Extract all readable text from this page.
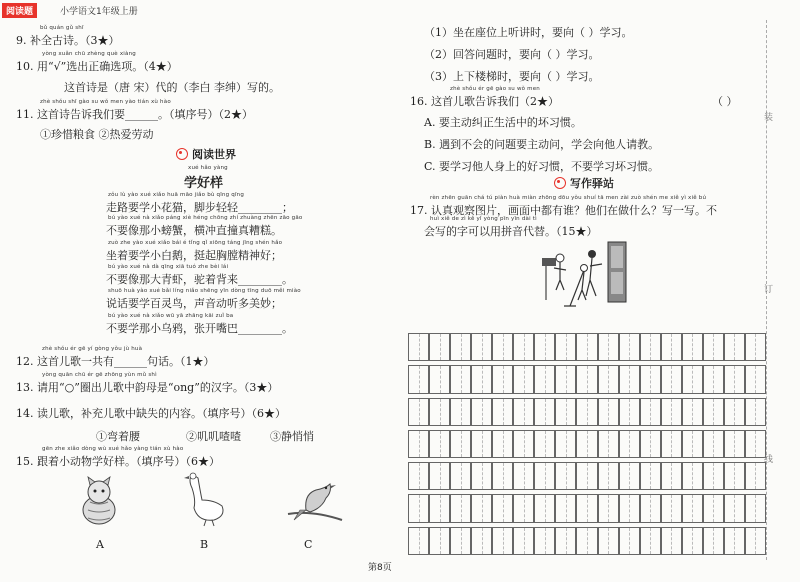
阅读题	小学语文1年级上册
bǔ quán gǔ shī
9. 补全古诗。（3★）
yòng xuǎn chū zhèng què xiàng
10. 用“√”选出正确选项。（4★）
这首诗是（唐 宋）代的（李白 李绅）写的。
zhè shǒu shī gào su wǒ men yào tián xù hào
11. 这首诗告诉我们要______。（填序号）（2★）
①珍惜粮食 ②热爱劳动
阅读世界
xué hǎo yàng
学好样
zǒu lù yào xué xiǎo huā māo jiǎo bù qīng qīng
走路要学小花猫，脚步轻轻________；
bú yào xué nà xiǎo páng xiè héng chōng zhí zhuàng zhēn zāo gāo
不要像那小螃蟹，横冲直撞真糟糕。
zuò zhe yào xué xiǎo bái é tǐng qǐ xiōng táng jīng shén hǎo
坐着要学小白鹅，挺起胸膛精神好；
bú yào xué nà dà qīng xiā tuó zhe bèi lái
不要像那大青虾，驼着背来________。
shuō huà yào xué bǎi líng niǎo shēng yīn dòng tīng duō měi miào
说话要学百灵鸟，声音动听多美妙；
bú yào xué nà xiǎo wū yā zhāng kāi zuǐ ba
不要学那小乌鸦，张开嘴巴________。
zhè shǒu ér gē yí gòng yǒu jù huà
12. 这首儿歌一共有______句话。（1★）
yòng quān chū ér gē zhōng yùn mǔ shì
13. 请用“○”圈出儿歌中韵母是“ong”的汉字。（3★）
14. 读儿歌，补充儿歌中缺失的内容。（填序号）（6★）
①弯着腰	②叽叽喳喳	③静悄悄
gēn zhe xiǎo dòng wù xué hǎo yàng tián xù hào
15. 跟着小动物学好样。（填序号）（6★）
A	B	C
（1）坐在座位上听讲时，要向（ ）学习。
（2）回答问题时，要向（ ）学习。
（3）上下楼梯时，要向（ ）学习。
zhè shǒu ér gē gào su wǒ men
16. 这首儿歌告诉我们（2★）	（ ）
A. 要主动纠正生活中的坏习惯。
B. 遇到不会的问题要主动问，学会向他人请教。
C. 要学习他人身上的好习惯，不要学习坏习惯。
写作驿站
rèn zhēn guān chá tú piàn huà miàn zhōng dōu yǒu shuí tā men zài zuò shén me xiě yì xiě bú
17. 认真观察图片，画面中都有谁？他们在做什么？写一写。不
huì xiě de zì kě yǐ yòng pīn yīn dài tì
会写的字可以用拼音代替。（15★）
装
订
线
第8页
